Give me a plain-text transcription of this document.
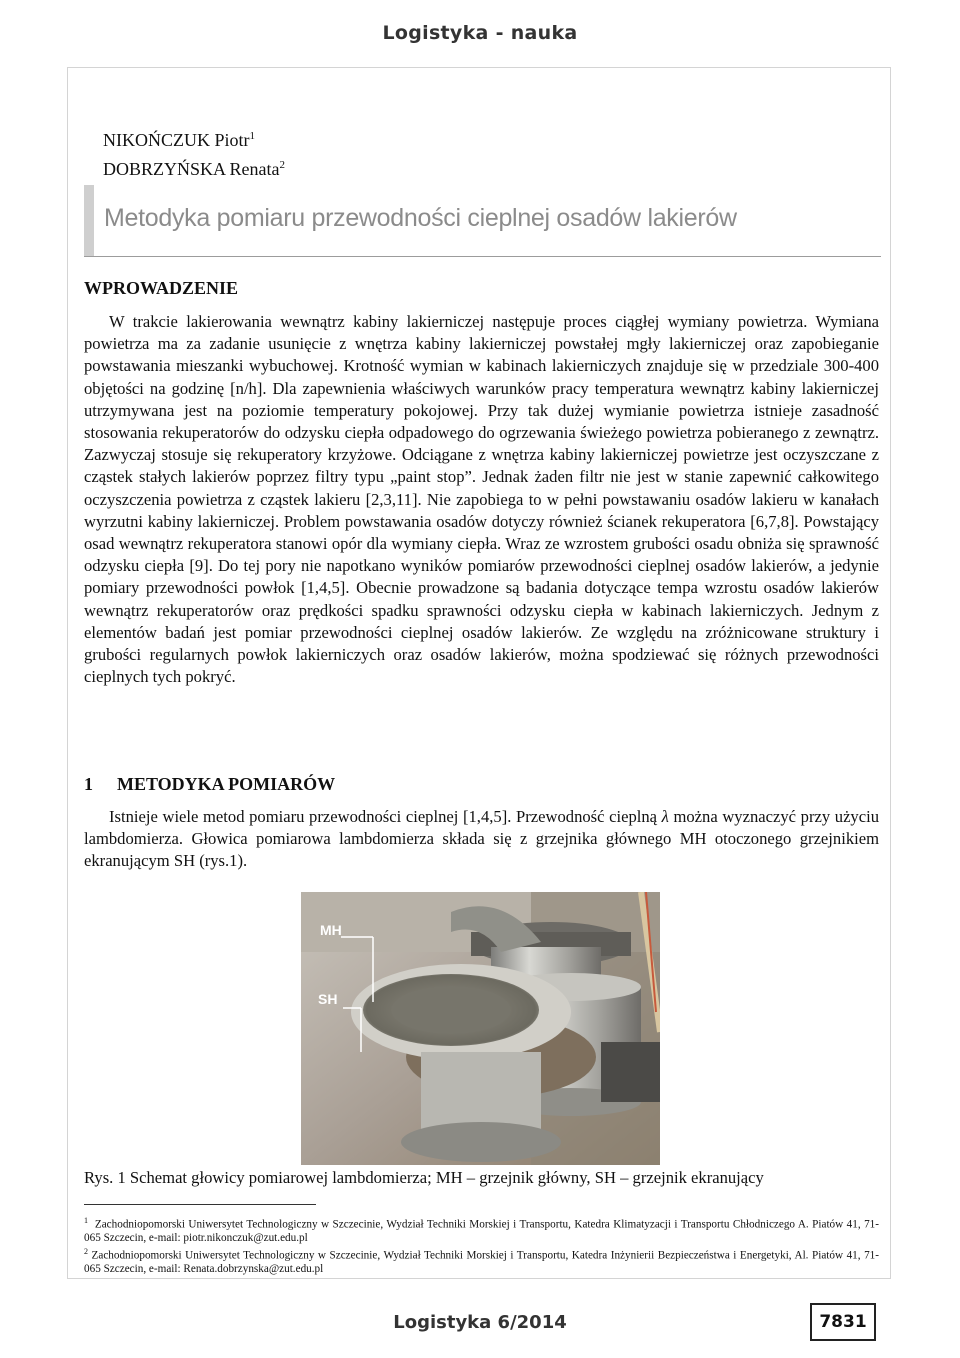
Logistyka - nauka
NIKOŃCZUK Piotr$^1$
DOBRZYŃSKA Renata$^2$
Metodyka pomiaru przewodności cieplnej osadów lakierów
WPROWADZENIE

W trakcie lakierowania wewnątrz kabiny lakierniczej następuje proces ciągłej wymiany powietrza. Wymiana powietrza ma za zadanie usunięcie z wnętrza kabiny lakierniczej powstałej mgły lakierniczej oraz zapobieganie powstawania mieszanki wybuchowej. Krotność wymian w kabinach lakierniczych znajduje się w przedziale 300-400 objętości na godzinę [n/h]. Dla zapewnienia właściwych warunków pracy temperatura wewnątrz kabiny lakierniczej utrzymywana jest na poziomie temperatury pokojowej. Przy tak dużej wymianie powietrza istnieje zasadność stosowania rekuperatorów do odzysku ciepła odpadowego do ogrzewania świeżego powietrza pobieranego z zewnątrz. Zazwyczaj stosuje się rekuperatory krzyżowe. Odciągane z wnętrza kabiny lakierniczej powietrze jest oczyszczane z cząstek stałych lakierów poprzez filtry typu „paint stop”. Jednak żaden filtr nie jest w stanie zapewnić całkowitego oczyszczenia powietrza z cząstek lakieru [2,3,11]. Nie zapobiega to w pełni powstawaniu osadów lakieru w kanałach wyrzutni kabiny lakierniczej. Problem powstawania osadów dotyczy również ścianek rekuperatora [6,7,8]. Powstający osad wewnątrz rekuperatora stanowi opór dla wymiany ciepła. Wraz ze wzrostem grubości osadu obniża się sprawność odzysku ciepła [9]. Do tej pory nie napotkano wyników pomiarów przewodności cieplnej osadów lakierów, a jedynie pomiary przewodności powłok [1,4,5]. Obecnie prowadzone są badania dotyczące tempa wzrostu osadów lakierów wewnątrz rekuperatorów oraz prędkości spadku sprawności odzysku ciepła w kabinach lakierniczych. Jednym z elementów badań jest pomiar przewodności cieplnej osadów lakierów. Ze względu na zróżnicowane struktury i grubości regularnych powłok lakierniczych oraz osadów lakierów, można spodziewać się różnych przewodności cieplnych tych pokryć.

1 METODYKA POMIARÓW

Istnieje wiele metod pomiaru przewodności cieplnej [1,4,5]. Przewodność cieplną λ można wyznaczyć przy użyciu lambdomierza. Głowica pomiarowa lambdomierza składa się z grzejnika głównego MH otoczonego grzejnikiem ekranującym SH (rys.1).

MH
SH
Rys. 1 Schemat głowicy pomiarowej lambdomierza; MH – grzejnik główny, SH – grzejnik ekranujący

$^1$ Zachodniopomorski Uniwersytet Technologiczny w Szczecinie, Wydział Techniki Morskiej i Transportu, Katedra Klimatyzacji i Transportu Chłodniczego A. Piatów 41, 71-065 Szczecin, e-mail: piotr.nikonczuk@zut.edu.pl

$^2$ Zachodniopomorski Uniwersytet Technologiczny w Szczecinie, Wydział Techniki Morskiej i Transportu, Katedra Inżynierii Bezpieczeństwa i Energetyki, Al. Piatów 41, 71-065 Szczecin, e-mail: Renata.dobrzynska@zut.edu.pl

Logistyka 6/2014	7831
